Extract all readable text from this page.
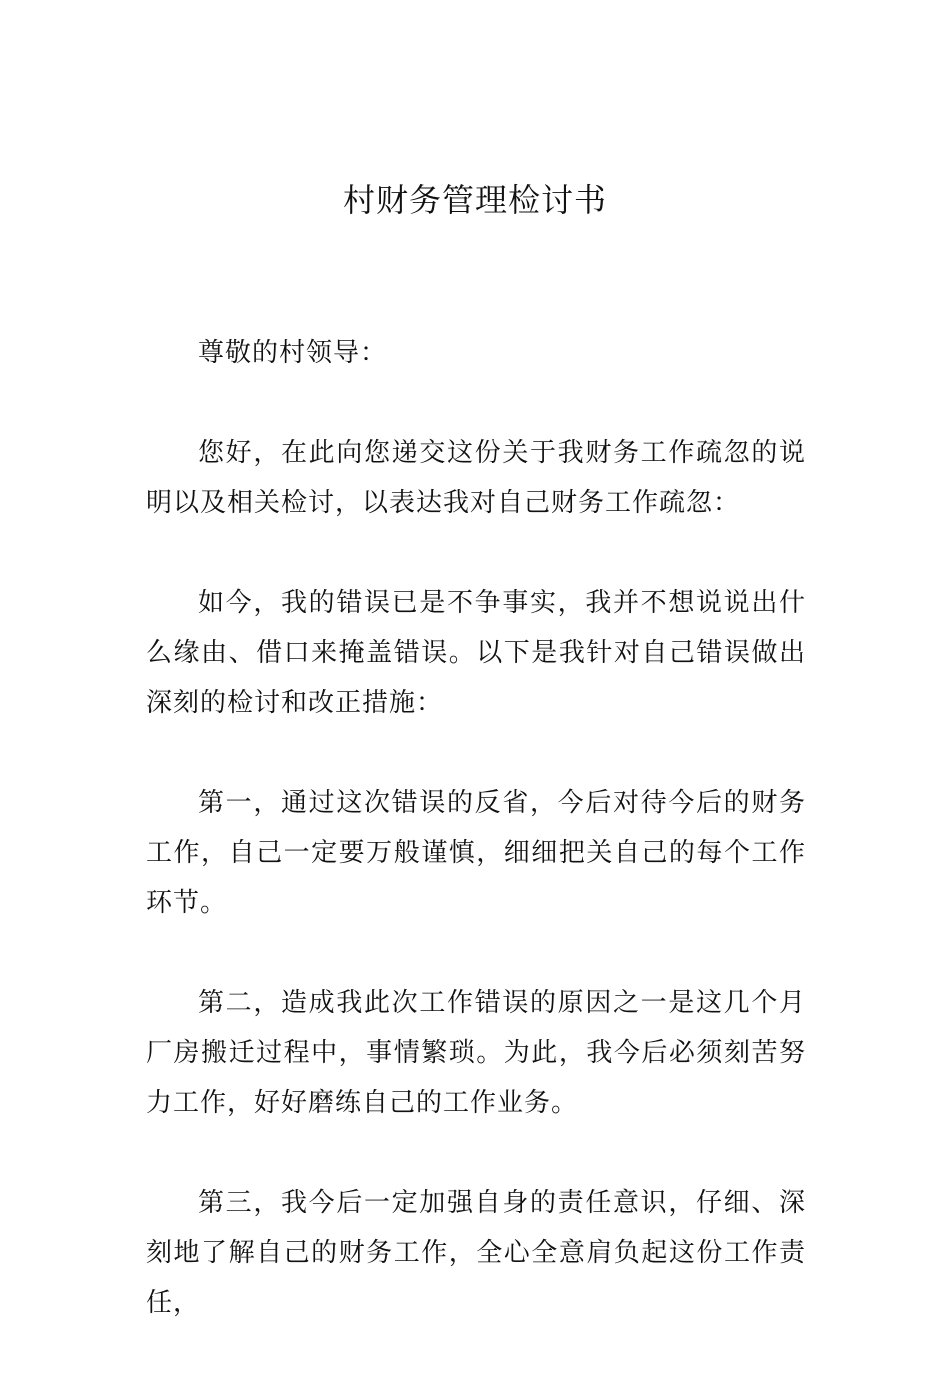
村财务管理检讨书

尊敬的村领导：

您好，在此向您递交这份关于我财务工作疏忽的说明以及相关检讨，以表达我对自己财务工作疏忽：

如今，我的错误已是不争事实，我并不想说说出什么缘由、借口来掩盖错误。以下是我针对自己错误做出深刻的检讨和改正措施：

第一，通过这次错误的反省，今后对待今后的财务工作，自己一定要万般谨慎，细细把关自己的每个工作环节。

第二，造成我此次工作错误的原因之一是这几个月厂房搬迁过程中，事情繁琐。为此，我今后必须刻苦努力工作，好好磨练自己的工作业务。

第三，我今后一定加强自身的责任意识，仔细、深刻地了解自己的财务工作，全心全意肩负起这份工作责任，
